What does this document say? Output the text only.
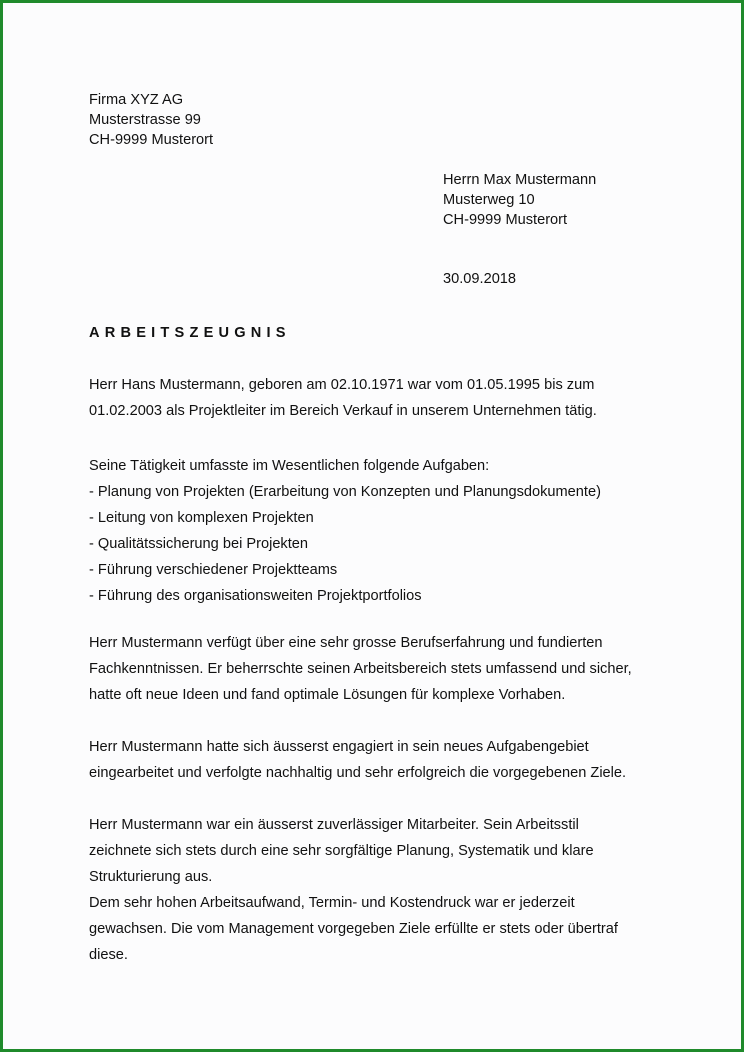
Firma XYZ AG
Musterstrasse 99
CH-9999 Musterort
Herrn Max Mustermann
Musterweg 10
CH-9999 Musterort
30.09.2018
ARBEITSZEUGNIS
Herr Hans Mustermann, geboren am 02.10.1971 war vom 01.05.1995 bis zum
01.02.2003 als Projektleiter im Bereich Verkauf in unserem Unternehmen tätig.
Seine Tätigkeit umfasste im Wesentlichen folgende Aufgaben:
- Planung von Projekten (Erarbeitung von Konzepten und Planungsdokumente)
- Leitung von komplexen Projekten
- Qualitätssicherung bei Projekten
- Führung verschiedener Projektteams
- Führung des organisationsweiten Projektportfolios
Herr Mustermann verfügt über eine sehr grosse Berufserfahrung und fundierten
Fachkenntnissen. Er beherrschte seinen Arbeitsbereich stets umfassend und sicher,
hatte oft neue Ideen und fand optimale Lösungen für komplexe Vorhaben.
Herr Mustermann hatte sich äusserst engagiert in sein neues Aufgabengebiet
eingearbeitet und verfolgte nachhaltig und sehr erfolgreich die vorgegebenen Ziele.
Herr Mustermann war ein äusserst zuverlässiger Mitarbeiter. Sein Arbeitsstil
zeichnete sich stets durch eine sehr sorgfältige Planung, Systematik und klare
Strukturierung aus.
Dem sehr hohen Arbeitsaufwand, Termin- und Kostendruck war er jederzeit
gewachsen. Die vom Management vorgegeben Ziele erfüllte er stets oder übertraf
diese.
